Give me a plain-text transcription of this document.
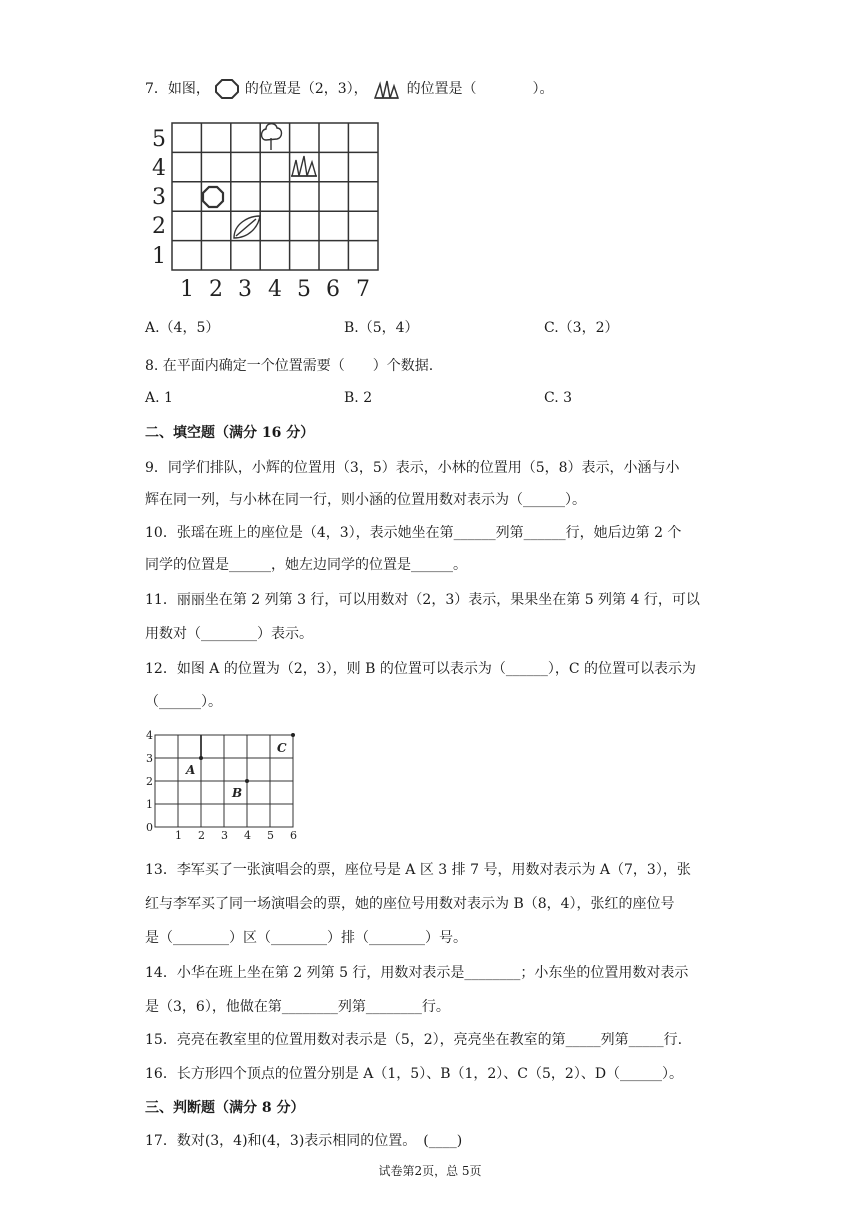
7．如图， 的位置是（2，3），	的位置是（　　　　）。
5
4
3
2
1
1 2 3 4 5 6 7
A.（4，5）	B.（5，4）	C.（3，2）
8. 在平面内确定一个位置需要（　　）个数据.
A. 1	B. 2	C. 3
二、填空题（满分 16 分）
9．同学们排队，小辉的位置用（3，5）表示，小林的位置用（5，8）表示，小涵与小
辉在同一列，与小林在同一行，则小涵的位置用数对表示为（______）。
10．张瑶在班上的座位是（4，3），表示她坐在第______列第______行，她后边第 2 个
同学的位置是______，她左边同学的位置是______。
11．丽丽坐在第 2 列第 3 行，可以用数对（2，3）表示，果果坐在第 5 列第 4 行，可以
用数对（________）表示。
12．如图 A 的位置为（2，3），则 B 的位置可以表示为（______），C 的位置可以表示为
（______）。
4
3
2
1
0
1 2 3 4 5 6
A
B
C
13．李军买了一张演唱会的票，座位号是 A 区 3 排 7 号，用数对表示为 A（7，3），张
红与李军买了同一场演唱会的票，她的座位号用数对表示为 B（8，4），张红的座位号
是（________）区（________）排（________）号。
14．小华在班上坐在第 2 列第 5 行，用数对表示是________；小东坐的位置用数对表示
是（3，6），他做在第________列第________行。
15．亮亮在教室里的位置用数对表示是（5，2），亮亮坐在教室的第_____列第_____行.
16．长方形四个顶点的位置分别是 A（1，5）、B（1，2）、C（5，2）、D（______）。
三、判断题（满分 8 分）
17．数对(3，4)和(4，3)表示相同的位置。　(____)
试卷第2页，总 5页
